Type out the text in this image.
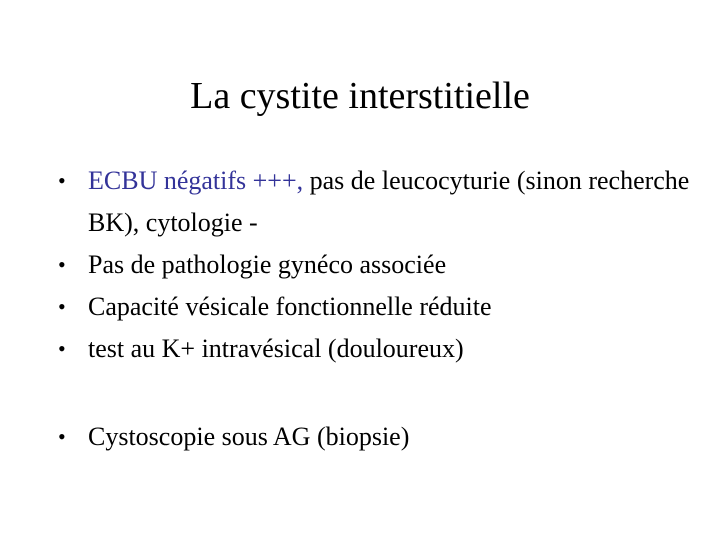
La cystite interstitielle
• ECBU négatifs +++, pas de leucocyturie (sinon recherche BK), cytologie -
• Pas de pathologie gynéco associée
• Capacité vésicale fonctionnelle réduite
• test au K+ intravésical (douloureux)
• Cystoscopie sous AG (biopsie)
